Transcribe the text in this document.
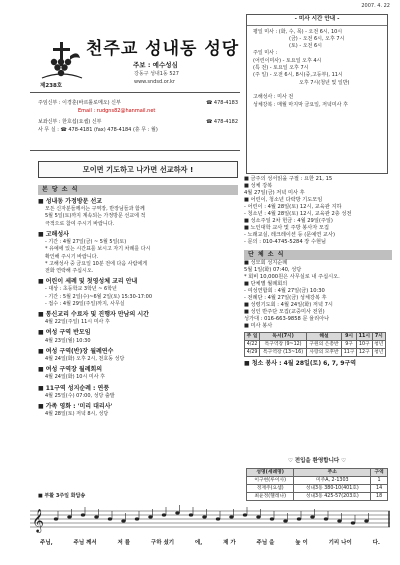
2007. 4. 22
천주교 성내동 성당
주보 : 예수성심
제238호
강동구 성내1동 527
www.sndsd.or.kr
주임신부 : 이경훈(바르톨로메오) 신부	☎ 478-4183
Email : rudgns82@hanmail.net
보좌신부 : 한호섭(요셉) 신부	☎ 478-4182
사 무 실 : ☎ 478-4181 (fax) 478-4184 (휴 무 : 월)
- 미사 시간 안내 -
평일 미사 : (화, 수, 목) - 오전 6시, 10시
(금) - 오전 6시, 오후 7시
(토) - 오전 6시
주일 미사 :
(어린이미사) - 토요일 오후 4시
(특 전) - 토요일 오후 7시
(주 일) - 오전 6시, 8시(중,고등부), 11시
오후 7시(청년 및 일반)
고해성사 : 미사 전
성체강복 : 매월 마지막 금요일, 저녁미사 후
모이면 기도하고 나가면 선교하자 !
본 당 소 식
■ 성내동 가정방문 선교
모든 신자분들께서는 구역장, 반장님들과 함께
5월 5일(토)까지 계속되는 가정방문 선교에 적
극적으로 참여 주시기 바랍니다.
■ 고해성사
- 기간 : 4월 27일(금) ~ 5월 5일(토)
* 유예에 있는 시간표를 보시고 자기 차례를 다시
확인해 주시기 바랍니다.
* 고해성사 중 금요일 10분 전에 다음 사람에게
전화 연락해 주십시오.
■ 어린이 세례 및 첫영성체 교리 안내
- 대상 : 초등학교 3학년 ~ 6학년
- 기간 : 5월 2일(수)~6월 2일(토) 15:30-17:00
- 접수 : 4월 29일(주일)까지, 사무실
■ 통신교리 수료자 및 진행자 만남의 시간
4월 22일(주일) 11시 미사 후
■ 여성 구역 반모임
4월 23일(월) 10:30
■ 여성 구역(반)장 월례연수
4월 24일(화) 오후 2시, 천호동 성당
■ 여성 구역장 월례회의
4월 24일(화) 10시 미사 후
■ 11구역 성지순례 : 연풍
4월 25일(수) 07:00, 성당 출발
■ 가족 영화 : '미리 대리사'
4월 28일(토) 저녁 8시, 성당
■ 금주의 성서읽을 구절 : 요한 21, 15
■ 성체 강복
4월 27일(금) 저녁 미사 후
■ 어린이, 청소년 다락방 기도모임
- 어린이 : 4월 28일(토) 12시, 교육관 지하
- 청소년 : 4월 28일(토) 12시, 교육관 2층 성전
■ 성소주일 2차 헌금 : 4월 29일(주일)
■ 노인대학 교사 및 주방 봉사자 모집
- 노래교실, 레크레이션 등 (문예연 교사)
- 문의 : 010-4745-5284 장 수현님
단 체 소 식
■ 성모회 성지순례
5월 1일(화) 07:40, 성당
* 회비 10,000원은 사무실로 내 주십시오.
■ 단체별 월례회의
- 여성연합회 : 4월 27일(금) 10:30
- 전례단 : 4월 27일(금) 성체강복 후
■ 성령기도회 : 4월 24일(화) 저녁 7시
■ 성인 반주단 모집(교중미사 전원)
성가대 : 016-663-9858 문 율리아나
■ 미사 봉사
주 일	독서(7시)	해설	9시	11시	7시
4/22	특구역장 (9~12)	구원의 은총반	9구	10구	청년
4/29	특구역장 (13~16)	사랑의 모후반	11구	12구	청년
■ 청소 봉사 : 4월 28일(토) 6, 7, 9구역
♡ 전입을 환영합니다 ♡
성명(세례명)	주소	구역
이구현(루이사)	미주A, 2-1303	1
정재주(요셉)	성내3동 380-10(401호)	14
최윤정(헬레나)	성내3동 425-57(203호)	18
■ 부활 3주일 화답송
𝄞
주님,	주님 께서	저 를	구하 셨기	에,	제 가	주님 을	높 이	기리 나이	다.
